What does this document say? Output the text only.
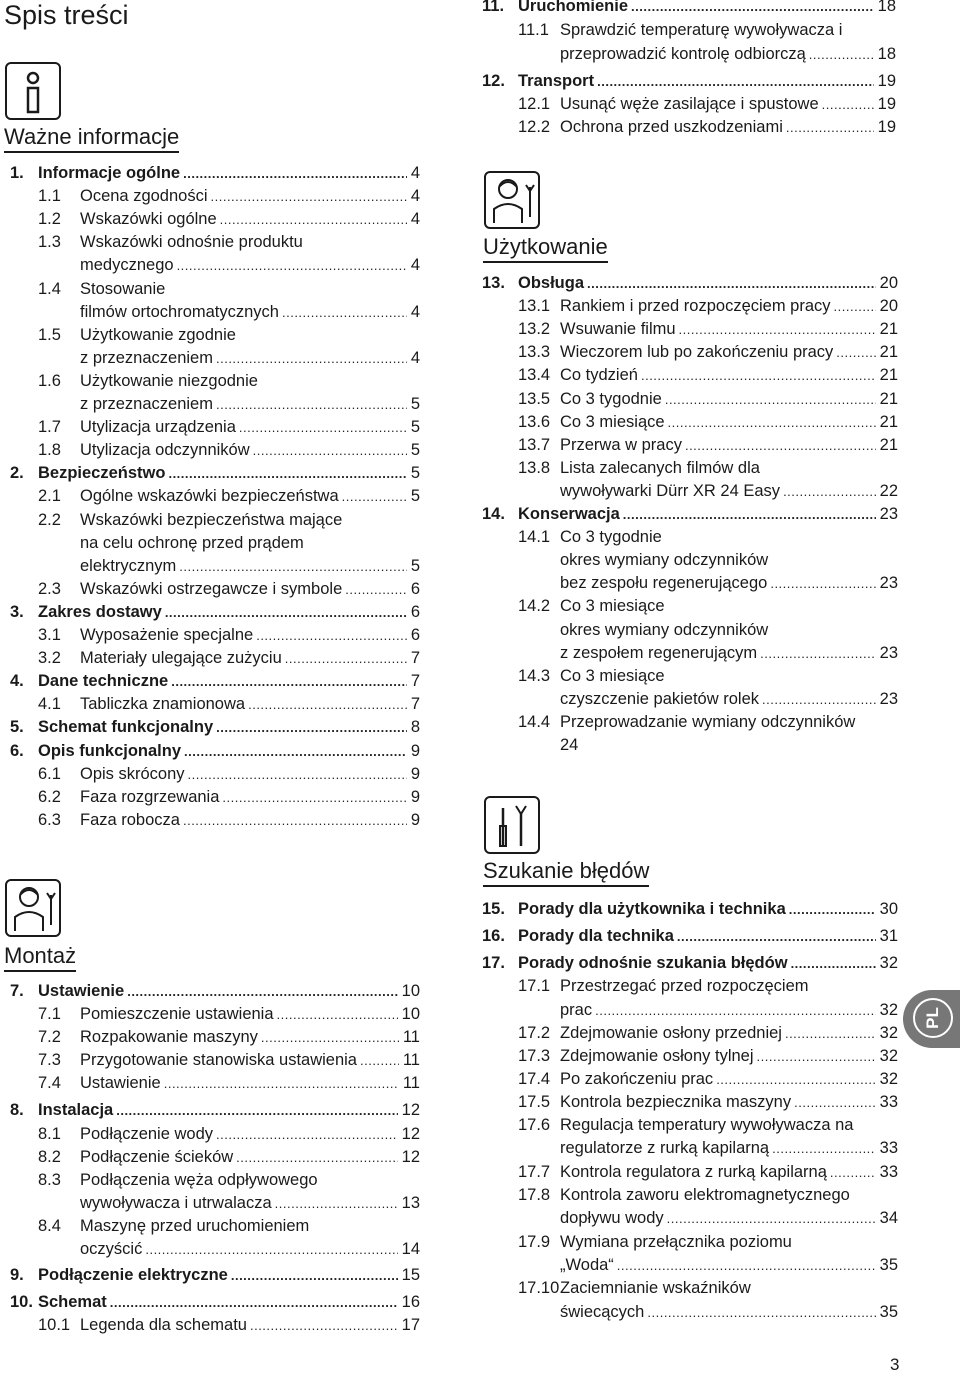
Spis treści
Ważne informacje
1. Informacje ogólne	4
.....
1.1 Ocena zgodności	4
.....
1.2 Wskazówki ogólne	4
.....
1.3 Wskazówki odnośnie produktu
medycznego	4
.....
1.4 Stosowanie
filmów ortochromatycznych	4
.....
1.5 Użytkowanie zgodnie
z przeznaczeniem	4
.....
1.6 Użytkowanie niezgodnie
z przeznaczeniem	5
.....
1.7 Utylizacja urządzenia	5
.....
1.8 Utylizacja odczynników	5
.....
2. Bezpieczeństwo	5
.....
2.1 Ogólne wskazówki bezpieczeństwa	5
.....
2.2 Wskazówki bezpieczeństwa mające
na celu ochronę przed prądem
elektrycznym	5
.....
2.3 Wskazówki ostrzegawcze i symbole	6
.....
3. Zakres dostawy	6
.....
3.1 Wyposażenie specjalne	6
.....
3.2 Materiały ulegające zużyciu	7
.....
4. Dane techniczne	7
.....
4.1 Tabliczka znamionowa	7
.....
5. Schemat funkcjonalny	8
.....
6. Opis funkcjonalny	9
.....
6.1 Opis skrócony	9
.....
6.2 Faza rozgrzewania	9
.....
6.3 Faza robocza	9
.....
Montaż
7. Ustawienie	10
.....
7.1 Pomieszczenie ustawienia	10
.....
7.2 Rozpakowanie maszyny	11
.....
7.3 Przygotowanie stanowiska ustawienia	11
.....
7.4 Ustawienie	11
.....
8. Instalacja	12
.....
8.1 Podłączenie wody	12
.....
8.2 Podłączenie ścieków	12
.....
8.3 Podłączenia węża odpływowego
wywoływacza i utrwalacza	13
.....
8.4 Maszynę przed uruchomieniem
oczyścić	14
.....
9. Podłączenie elektryczne	15
.....
10. Schemat	16
.....
10.1 Legenda dla schematu	17
.....
11. Uruchomienie	18
.....
11.1 Sprawdzić temperaturę wywoływacza i
przeprowadzić kontrolę odbiorczą	18
.....
12. Transport	19
.....
12.1 Usunąć węże zasilające i spustowe	19
.....
12.2 Ochrona przed uszkodzeniami	19
.....
Użytkowanie
13. Obsługa	20
.....
13.1 Rankiem i przed rozpoczęciem pracy	20
.....
13.2 Wsuwanie filmu	21
.....
13.3 Wieczorem lub po zakończeniu pracy	21
.....
13.4 Co tydzień	21
.....
13.5 Co 3 tygodnie	21
.....
13.6 Co 3 miesiące	21
.....
13.7 Przerwa w pracy	21
.....
13.8 Lista zalecanych filmów dla
wywoływarki Dürr XR 24 Easy	22
.....
14. Konserwacja	23
.....
14.1 Co 3 tygodnie
okres wymiany odczynników
bez zespołu regenerującego	23
.....
14.2 Co 3 miesiące
okres wymiany odczynników
z zespołem regenerującym	23
.....
14.3 Co 3 miesiące
czyszczenie pakietów rolek	23
.....
14.4 Przeprowadzanie wymiany odczynników
24
Szukanie błędów
15. Porady dla użytkownika i technika	30
.....
16. Porady dla technika	31
.....
17. Porady odnośnie szukania błędów	32
.....
17.1 Przestrzegać przed rozpoczęciem
prac	32
.....
17.2 Zdejmowanie osłony przedniej	32
.....
17.3 Zdejmowanie osłony tylnej	32
.....
17.4 Po zakończeniu prac	32
.....
17.5 Kontrola bezpiecznika maszyny	33
.....
17.6 Regulacja temperatury wywoływacza na
regulatorze z rurką kapilarną	33
.....
17.7 Kontrola regulatora z rurką kapilarną	33
.....
17.8 Kontrola zaworu elektromagnetycznego
dopływu wody	34
.....
17.9 Wymiana przełącznika poziomu
„Woda“	35
.....
17.10 Zaciemnianie wskaźników
świecących	35
.....
PL
3
